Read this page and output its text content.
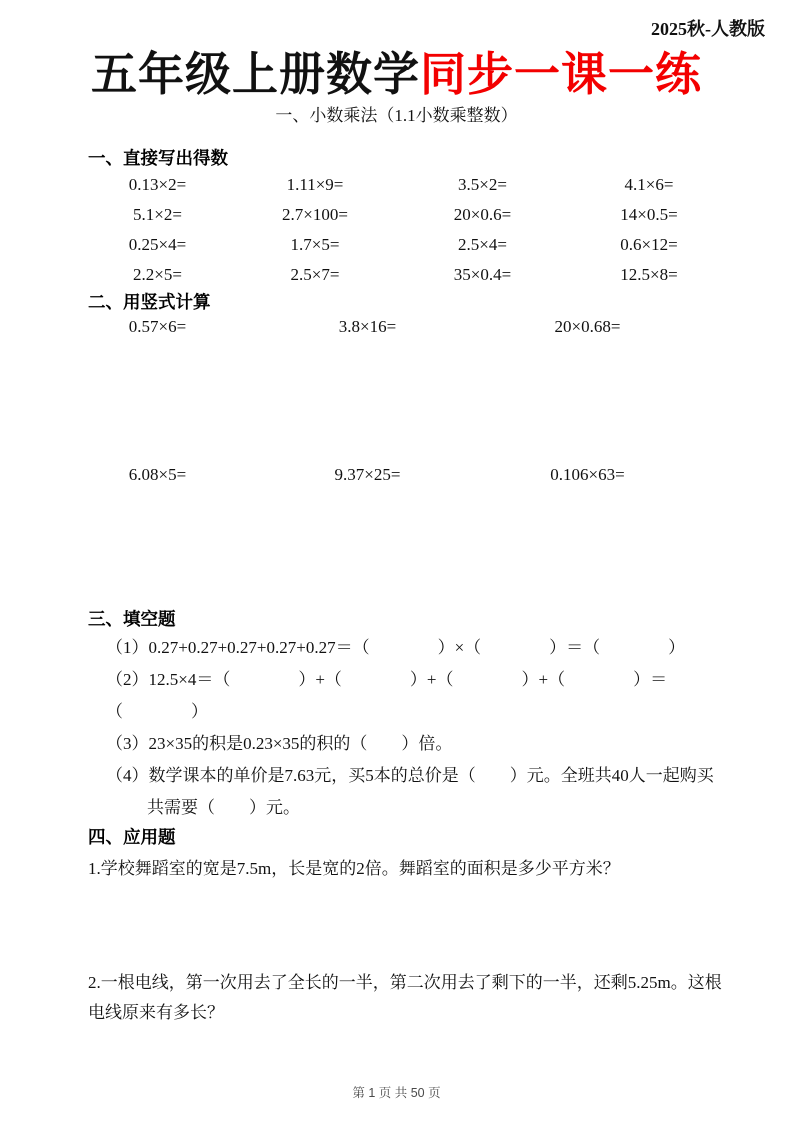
2025秋-人教版
五年级上册数学同步一课一练
一、小数乘法（1.1小数乘整数）
一、直接写出得数
0.13×2=	1.11×9=	3.5×2=	4.1×6=
5.1×2=	2.7×100=	20×0.6=	14×0.5=
0.25×4=	1.7×5=	2.5×4=	0.6×12=
2.2×5=	2.5×7=	35×0.4=	12.5×8=
二、用竖式计算
0.57×6=	3.8×16=	20×0.68=
6.08×5=	9.37×25=	0.106×63=
三、填空题
（1）0.27+0.27+0.27+0.27+0.27＝（　　　　）×（　　　　）＝（　　　　）
（2）12.5×4＝（　　　　）+（　　　　）+（　　　　）+（　　　　）＝（　　　　）
（3）23×35的积是0.23×35的积的（　　）倍。
（4）数学课本的单价是7.63元，买5本的总价是（　　）元。全班共40人一起购买共需要（　　）元。
四、应用题
1.学校舞蹈室的宽是7.5m，长是宽的2倍。舞蹈室的面积是多少平方米？
2.一根电线，第一次用去了全长的一半，第二次用去了剩下的一半，还剩5.25m。这根电线原来有多长？
第 1 页 共 50 页
